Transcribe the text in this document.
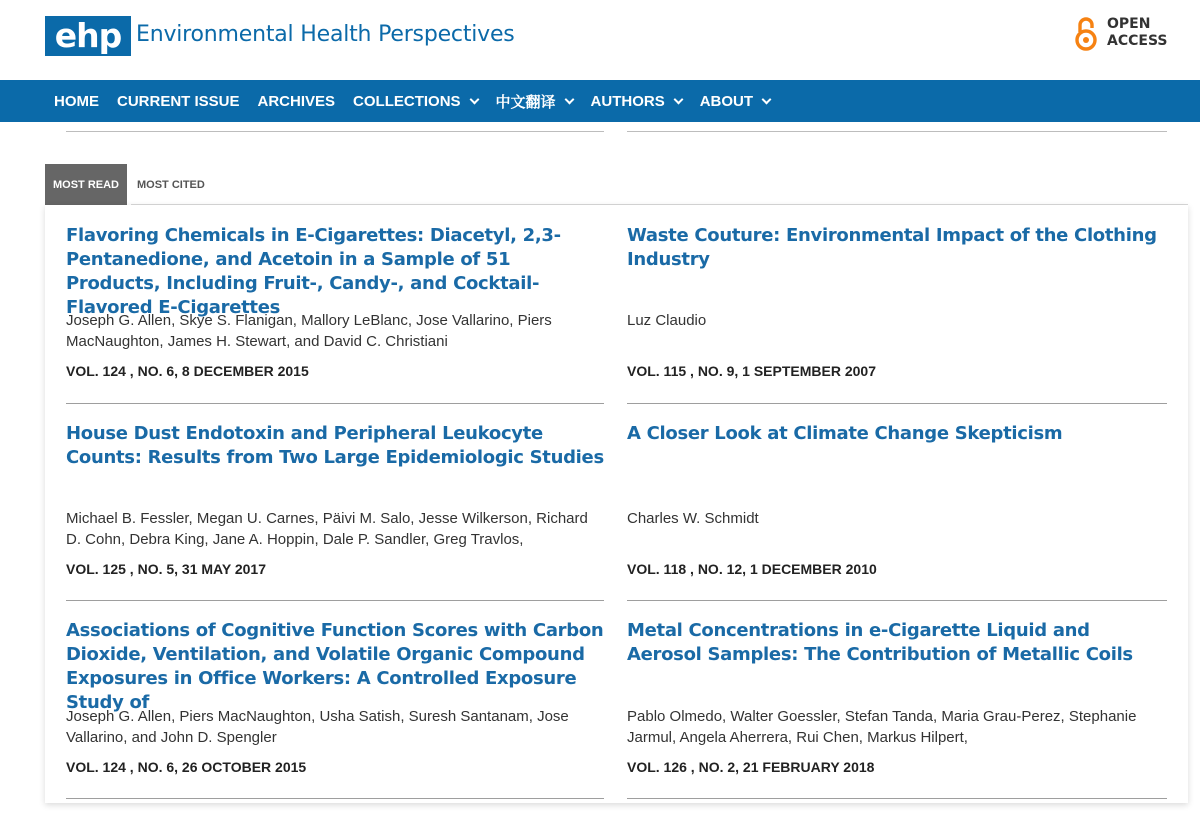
ehp Environmental Health Perspectives	OPEN
ACCESS
HOME CURRENT ISSUE ARCHIVES COLLECTIONS 中文翻译 AUTHORS ABOUT
MOST READ	MOST CITED
Flavoring Chemicals in E-Cigarettes: Diacetyl, 2,3-Pentanedione, and Acetoin in a Sample of 51 Products, Including Fruit-, Candy-, and Cocktail-Flavored E-Cigarettes
Joseph G. Allen, Skye S. Flanigan, Mallory LeBlanc, Jose Vallarino, Piers MacNaughton, James H. Stewart, and David C. Christiani
VOL. 124 , NO. 6, 8 DECEMBER 2015
Waste Couture: Environmental Impact of the Clothing Industry
Luz Claudio
VOL. 115 , NO. 9, 1 SEPTEMBER 2007
House Dust Endotoxin and Peripheral Leukocyte Counts: Results from Two Large Epidemiologic Studies
Michael B. Fessler, Megan U. Carnes, Päivi M. Salo, Jesse Wilkerson, Richard D. Cohn, Debra King, Jane A. Hoppin, Dale P. Sandler, Greg Travlos,
VOL. 125 , NO. 5, 31 MAY 2017
A Closer Look at Climate Change Skepticism
Charles W. Schmidt
VOL. 118 , NO. 12, 1 DECEMBER 2010
Associations of Cognitive Function Scores with Carbon Dioxide, Ventilation, and Volatile Organic Compound Exposures in Office Workers: A Controlled Exposure Study of
Joseph G. Allen, Piers MacNaughton, Usha Satish, Suresh Santanam, Jose Vallarino, and John D. Spengler
VOL. 124 , NO. 6, 26 OCTOBER 2015
Metal Concentrations in e-Cigarette Liquid and Aerosol Samples: The Contribution of Metallic Coils
Pablo Olmedo, Walter Goessler, Stefan Tanda, Maria Grau-Perez, Stephanie Jarmul, Angela Aherrera, Rui Chen, Markus Hilpert,
VOL. 126 , NO. 2, 21 FEBRUARY 2018
